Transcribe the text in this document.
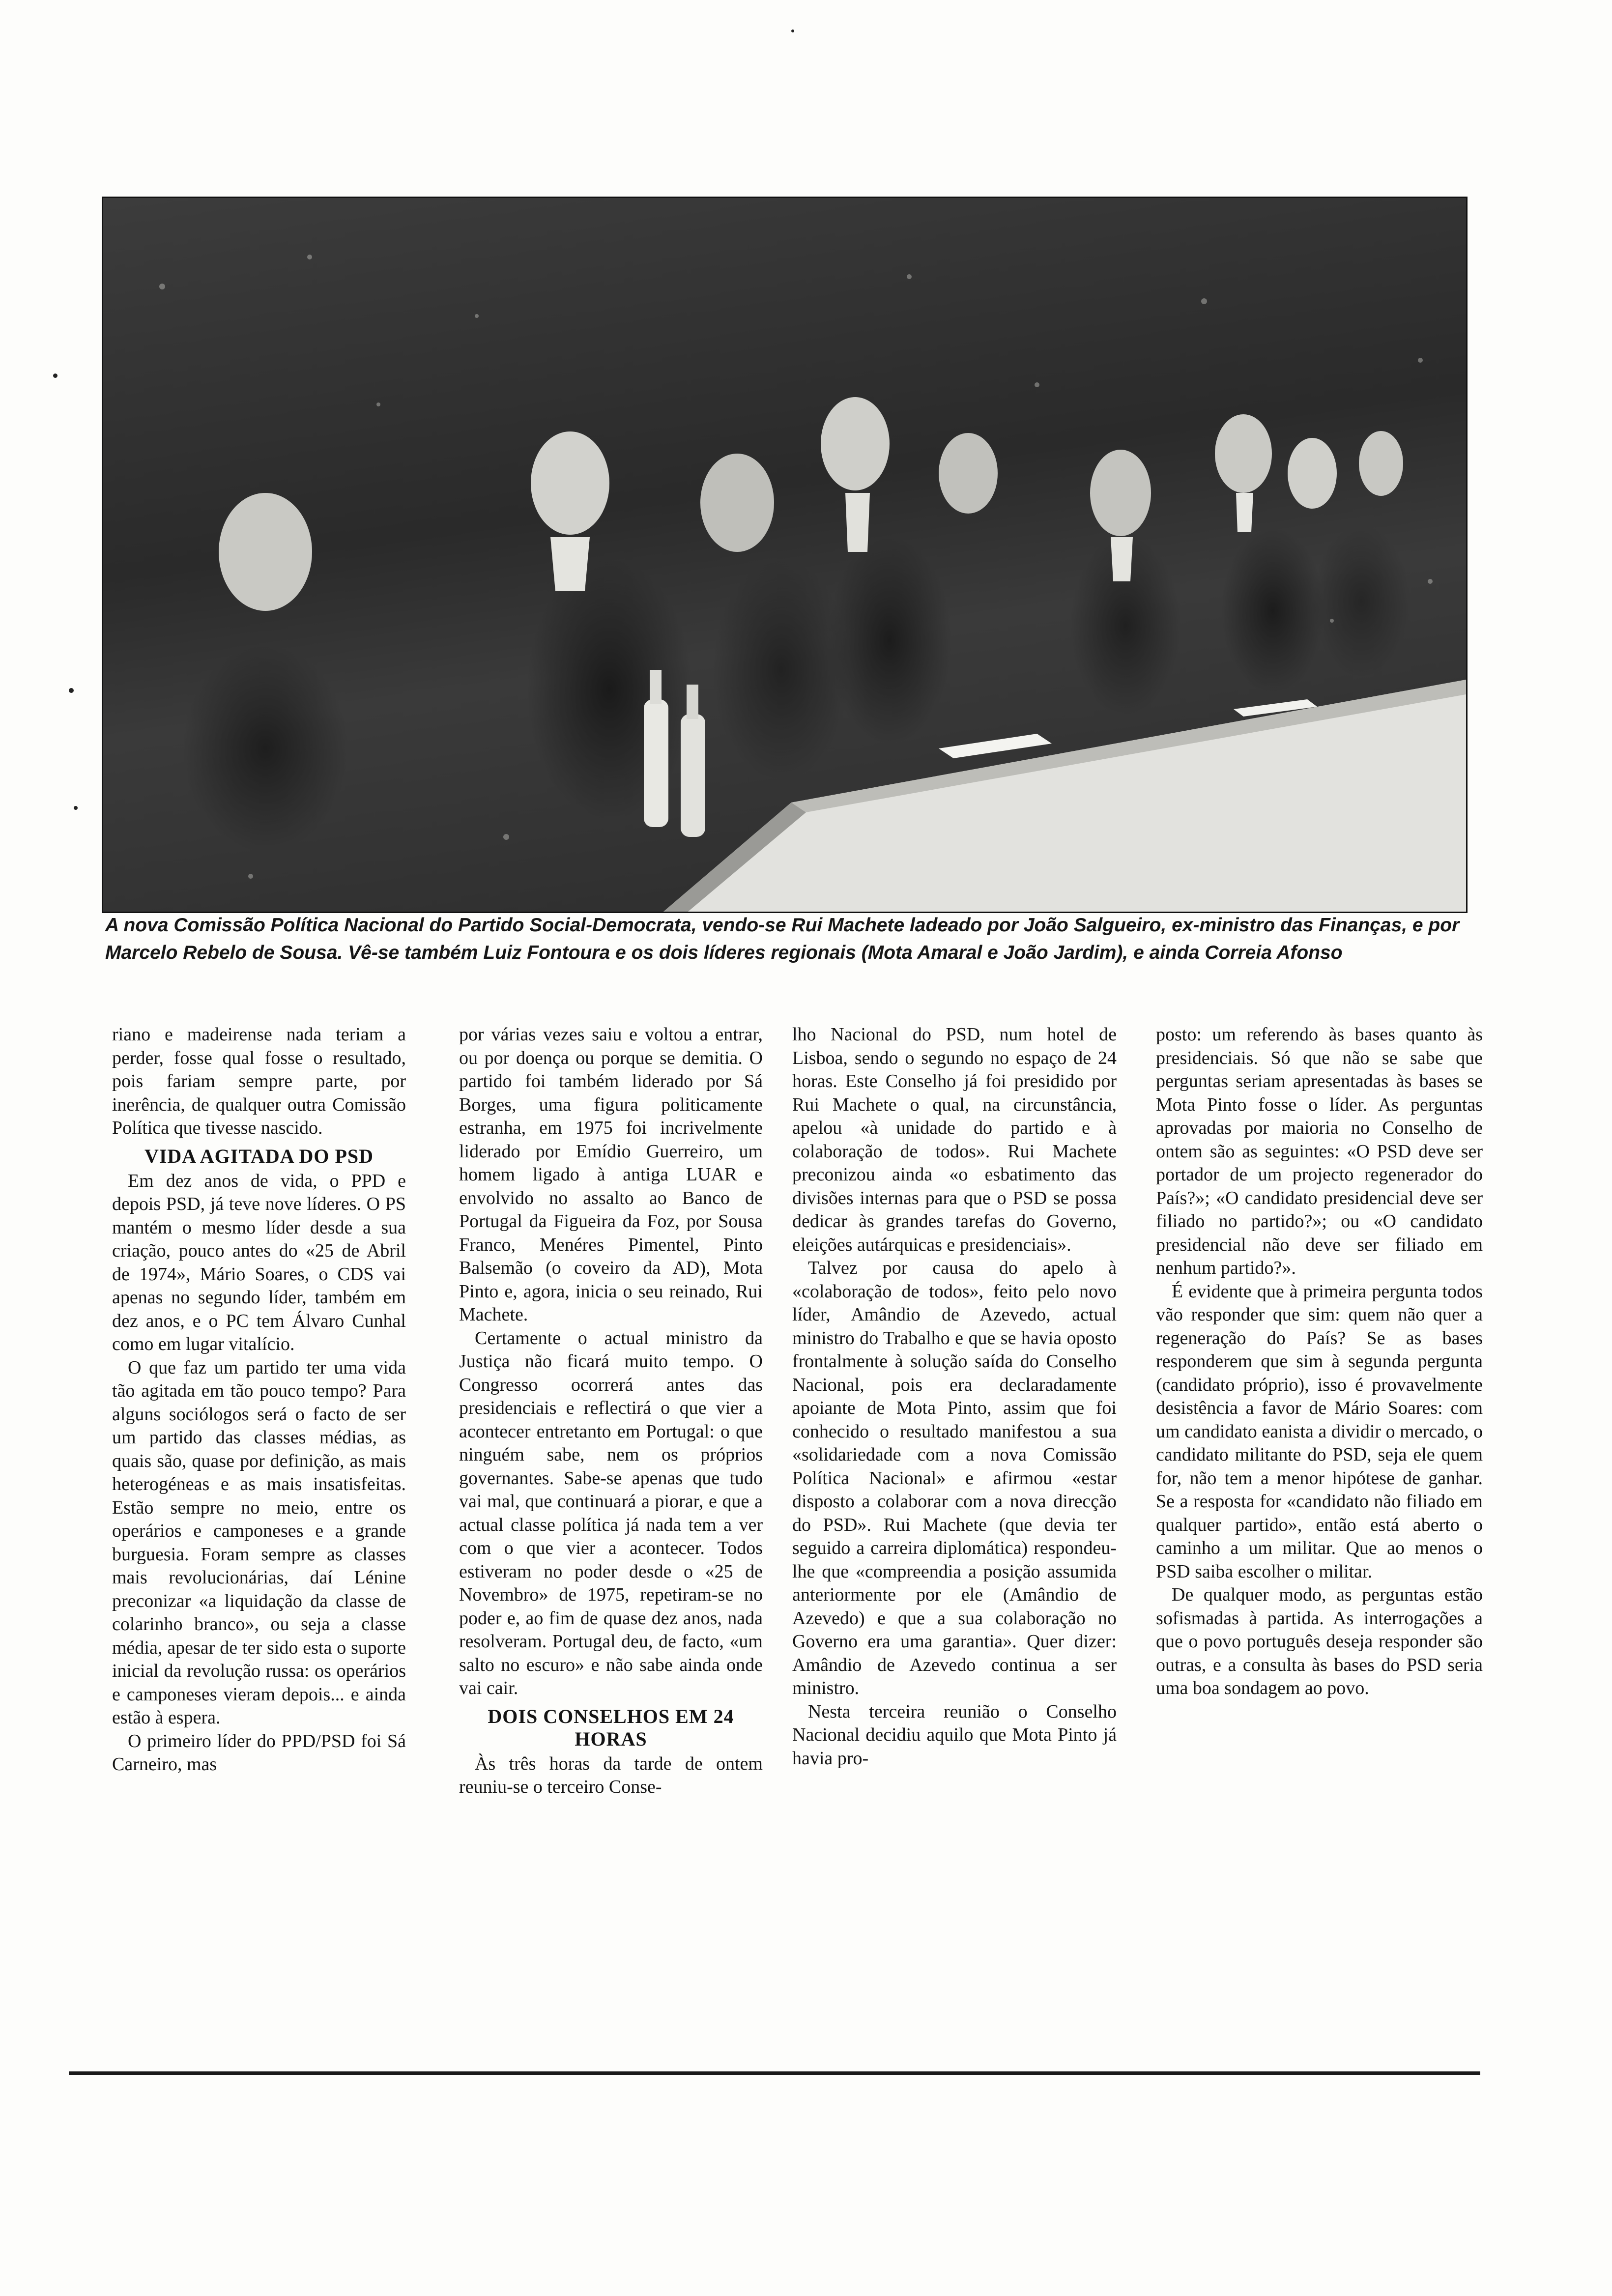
A nova Comissão Política Nacional do Partido Social-Democrata, vendo-se Rui Machete ladeado por João Salgueiro, ex-ministro das Finanças, e por Marcelo Rebelo de Sousa. Vê-se também Luiz Fontoura e os dois líderes regionais (Mota Amaral e João Jardim), e ainda Correia Afonso

riano e madeirense nada teriam a perder, fosse qual fosse o resultado, pois fariam sempre parte, por inerência, de qualquer outra Comissão Política que tivesse nascido.

VIDA AGITADA DO PSD

Em dez anos de vida, o PPD e depois PSD, já teve nove líderes. O PS mantém o mesmo líder desde a sua criação, pouco antes do «25 de Abril de 1974», Mário Soares, o CDS vai apenas no segundo líder, também em dez anos, e o PC tem Álvaro Cunhal como em lugar vitalício.

O que faz um partido ter uma vida tão agitada em tão pouco tempo? Para alguns sociólogos será o facto de ser um partido das classes médias, as quais são, quase por definição, as mais heterogéneas e as mais insatisfeitas. Estão sempre no meio, entre os operários e camponeses e a grande burguesia. Foram sempre as classes mais revolucionárias, daí Lénine preconizar «a liquidação da classe de colarinho branco», ou seja a classe média, apesar de ter sido esta o suporte inicial da revolução russa: os operários e camponeses vieram depois... e ainda estão à espera.

O primeiro líder do PPD/PSD foi Sá Carneiro, mas

por várias vezes saiu e voltou a entrar, ou por doença ou porque se demitia. O partido foi também liderado por Sá Borges, uma figura politicamente estranha, em 1975 foi incrivelmente liderado por Emídio Guerreiro, um homem ligado à antiga LUAR e envolvido no assalto ao Banco de Portugal da Figueira da Foz, por Sousa Franco, Menéres Pimentel, Pinto Balsemão (o coveiro da AD), Mota Pinto e, agora, inicia o seu reinado, Rui Machete.

Certamente o actual ministro da Justiça não ficará muito tempo. O Congresso ocorrerá antes das presidenciais e reflectirá o que vier a acontecer entretanto em Portugal: o que ninguém sabe, nem os próprios governantes. Sabe-se apenas que tudo vai mal, que continuará a piorar, e que a actual classe política já nada tem a ver com o que vier a acontecer. Todos estiveram no poder desde o «25 de Novembro» de 1975, repetiram-se no poder e, ao fim de quase dez anos, nada resolveram. Portugal deu, de facto, «um salto no escuro» e não sabe ainda onde vai cair.

DOIS CONSELHOS EM 24 HORAS

Às três horas da tarde de ontem reuniu-se o terceiro Conse-

lho Nacional do PSD, num hotel de Lisboa, sendo o segundo no espaço de 24 horas. Este Conselho já foi presidido por Rui Machete o qual, na circunstância, apelou «à unidade do partido e à colaboração de todos». Rui Machete preconizou ainda «o esbatimento das divisões internas para que o PSD se possa dedicar às grandes tarefas do Governo, eleições autárquicas e presidenciais».

Talvez por causa do apelo à «colaboração de todos», feito pelo novo líder, Amândio de Azevedo, actual ministro do Trabalho e que se havia oposto frontalmente à solução saída do Conselho Nacional, pois era declaradamente apoiante de Mota Pinto, assim que foi conhecido o resultado manifestou a sua «solidariedade com a nova Comissão Política Nacional» e afirmou «estar disposto a colaborar com a nova direcção do PSD». Rui Machete (que devia ter seguido a carreira diplomática) respondeu-lhe que «compreendia a posição assumida anteriormente por ele (Amândio de Azevedo) e que a sua colaboração no Governo era uma garantia». Quer dizer: Amândio de Azevedo continua a ser ministro.

Nesta terceira reunião o Conselho Nacional decidiu aquilo que Mota Pinto já havia pro-

posto: um referendo às bases quanto às presidenciais. Só que não se sabe que perguntas seriam apresentadas às bases se Mota Pinto fosse o líder. As perguntas aprovadas por maioria no Conselho de ontem são as seguintes: «O PSD deve ser portador de um projecto regenerador do País?»; «O candidato presidencial deve ser filiado no partido?»; ou «O candidato presidencial não deve ser filiado em nenhum partido?».

É evidente que à primeira pergunta todos vão responder que sim: quem não quer a regeneração do País? Se as bases responderem que sim à segunda pergunta (candidato próprio), isso é provavelmente desistência a favor de Mário Soares: com um candidato eanista a dividir o mercado, o candidato militante do PSD, seja ele quem for, não tem a menor hipótese de ganhar. Se a resposta for «candidato não filiado em qualquer partido», então está aberto o caminho a um militar. Que ao menos o PSD saiba escolher o militar.

De qualquer modo, as perguntas estão sofismadas à partida. As interrogações a que o povo português deseja responder são outras, e a consulta às bases do PSD seria uma boa sondagem ao povo.
